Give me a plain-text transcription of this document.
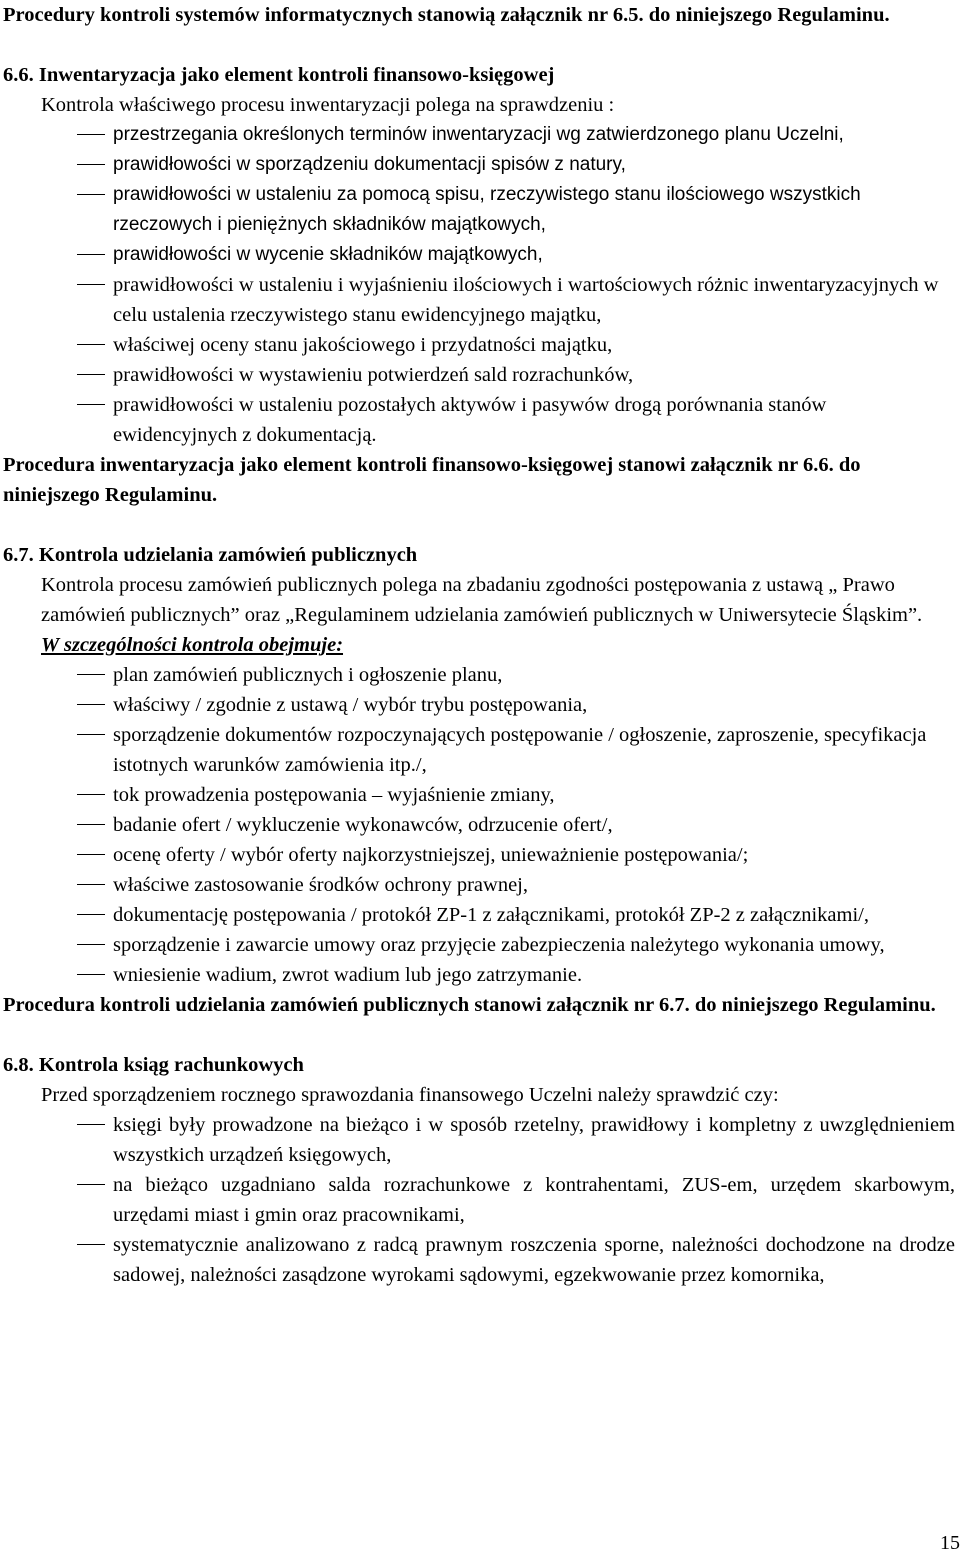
Procedury kontroli systemów informatycznych stanowią załącznik nr 6.5. do niniejszego Regulaminu.

6.6. Inwentaryzacja jako element kontroli finansowo-księgowej

Kontrola właściwego procesu inwentaryzacji polega na sprawdzeniu :

przestrzegania określonych terminów inwentaryzacji wg zatwierdzonego planu Uczelni,
prawidłowości w sporządzeniu dokumentacji spisów z natury,
prawidłowości w ustaleniu za pomocą spisu, rzeczywistego stanu ilościowego wszystkich rzeczowych i pieniężnych składników majątkowych,
prawidłowości w wycenie składników majątkowych,
prawidłowości w ustaleniu i wyjaśnieniu ilościowych i wartościowych różnic inwentaryzacyjnych w celu ustalenia rzeczywistego stanu ewidencyjnego majątku,
właściwej oceny stanu jakościowego i przydatności majątku,
prawidłowości w wystawieniu potwierdzeń sald rozrachunków,
prawidłowości w ustaleniu pozostałych aktywów i pasywów drogą porównania stanów ewidencyjnych z dokumentacją.

Procedura inwentaryzacja jako element kontroli finansowo-księgowej stanowi załącznik nr 6.6. do niniejszego Regulaminu.

6.7. Kontrola udzielania zamówień publicznych

Kontrola procesu zamówień publicznych polega na zbadaniu zgodności postępowania z ustawą „ Prawo zamówień publicznych” oraz „Regulaminem udzielania zamówień publicznych w Uniwersytecie Śląskim”.

W szczególności kontrola obejmuje:

plan zamówień publicznych i ogłoszenie planu,
właściwy / zgodnie z ustawą / wybór trybu postępowania,
sporządzenie dokumentów rozpoczynających postępowanie / ogłoszenie, zaproszenie, specyfikacja istotnych warunków zamówienia itp./,
tok prowadzenia postępowania – wyjaśnienie zmiany,
badanie ofert / wykluczenie wykonawców, odrzucenie ofert/,
ocenę oferty / wybór oferty najkorzystniejszej, unieważnienie postępowania/;
właściwe zastosowanie środków ochrony prawnej,
dokumentację postępowania / protokół ZP-1 z załącznikami, protokół ZP-2 z załącznikami/,
sporządzenie i zawarcie umowy oraz przyjęcie zabezpieczenia należytego wykonania umowy,
wniesienie wadium, zwrot wadium lub jego zatrzymanie.

Procedura kontroli udzielania zamówień publicznych stanowi załącznik nr 6.7. do niniejszego Regulaminu.

6.8. Kontrola ksiąg rachunkowych

Przed sporządzeniem rocznego sprawozdania finansowego Uczelni należy sprawdzić czy:

księgi były prowadzone na bieżąco i w sposób rzetelny, prawidłowy i kompletny z uwzględnieniem wszystkich urządzeń księgowych,
na bieżąco uzgadniano salda rozrachunkowe z kontrahentami, ZUS-em, urzędem skarbowym, urzędami miast i gmin oraz pracownikami,
systematycznie analizowano z radcą prawnym roszczenia sporne, należności dochodzone na drodze sadowej, należności zasądzone wyrokami sądowymi, egzekwowanie przez komornika,
15
